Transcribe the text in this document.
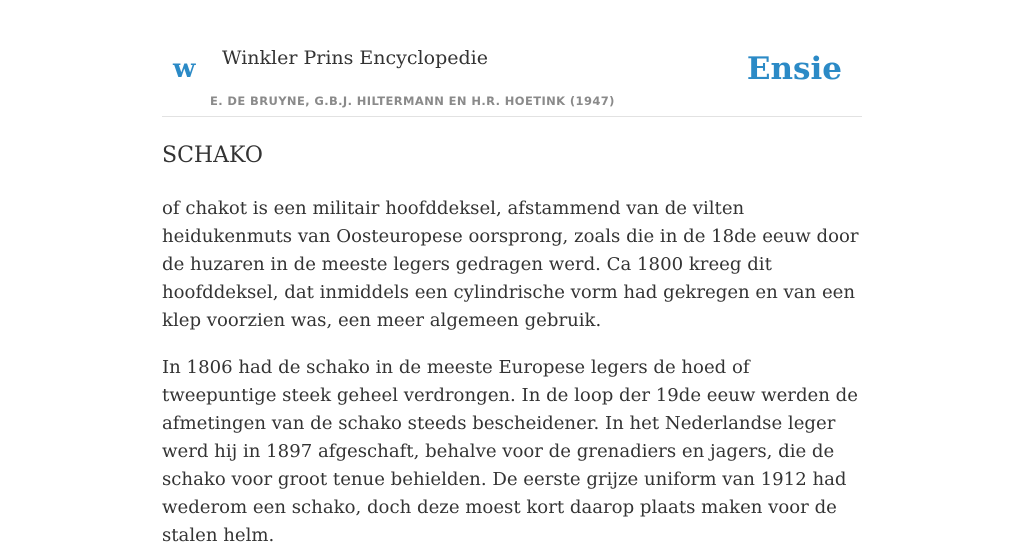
w Winkler Prins Encyclopedie
E. DE BRUYNE, G.B.J. HILTERMANN EN H.R. HOETINK (1947)
Ensie
SCHAKO

of chakot is een militair hoofddeksel, afstammend van de vilten heidukenmuts van Oosteuropese oorsprong, zoals die in de 18de eeuw door de huzaren in de meeste legers gedragen werd. Ca 1800 kreeg dit hoofddeksel, dat inmiddels een cylindrische vorm had gekregen en van een klep voorzien was, een meer algemeen gebruik.

In 1806 had de schako in de meeste Europese legers de hoed of tweepuntige steek geheel verdrongen. In de loop der 19de eeuw werden de afmetingen van de schako steeds bescheidener. In het Nederlandse leger werd hij in 1897 afgeschaft, behalve voor de grenadiers en jagers, die de schako voor groot tenue behielden. De eerste grijze uniform van 1912 had wederom een schako, doch deze moest kort daarop plaats maken voor de stalen helm.
